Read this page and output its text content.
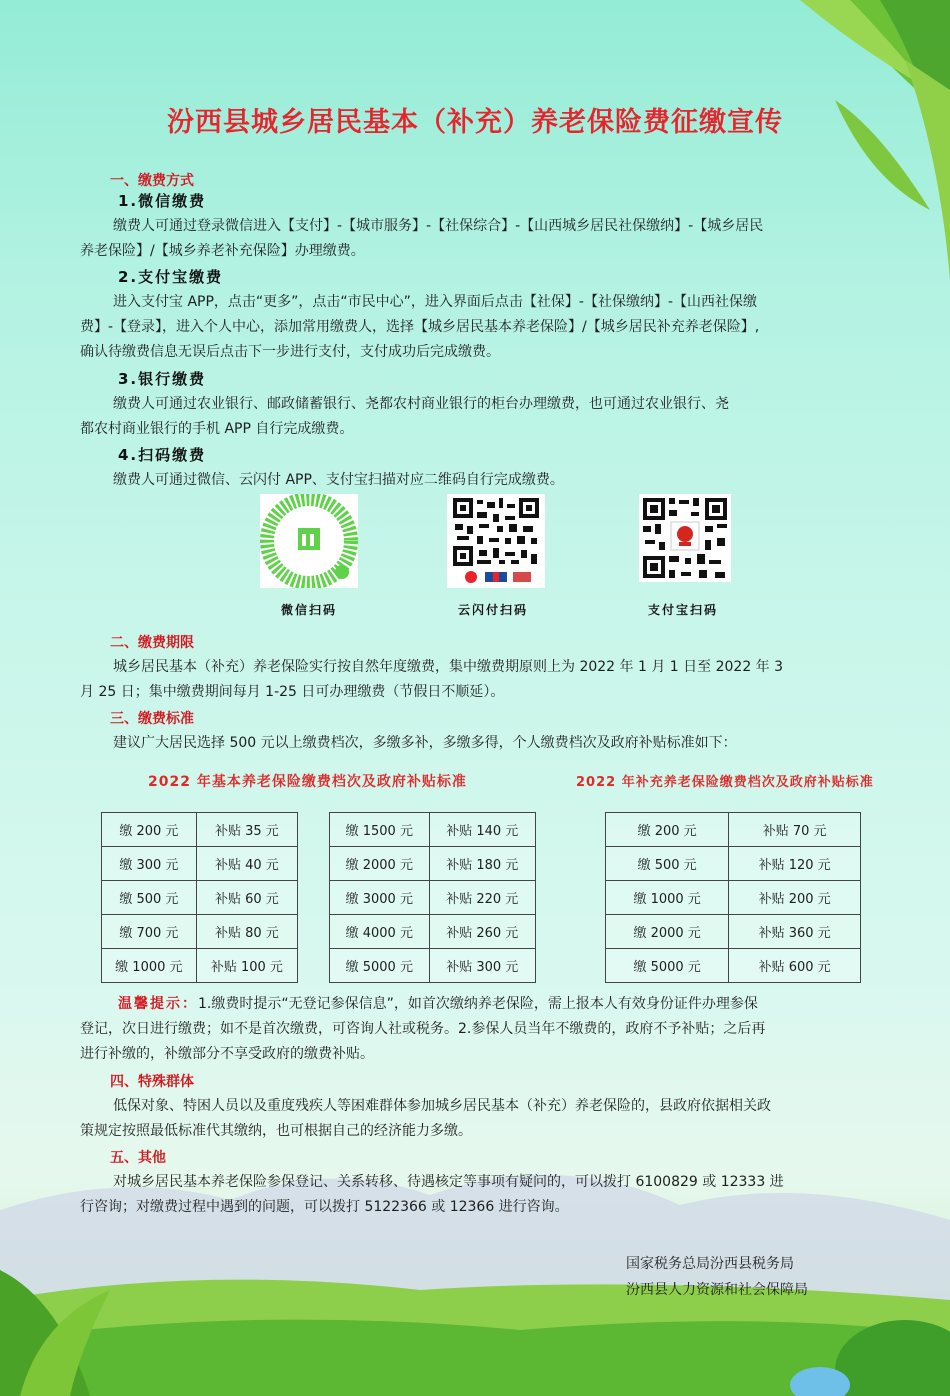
汾西县城乡居民基本（补充）养老保险费征缴宣传
一、缴费方式
1.微信缴费
缴费人可通过登录微信进入【支付】-【城市服务】-【社保综合】-【山西城乡居民社保缴纳】-【城乡居民
养老保险】/【城乡养老补充保险】办理缴费。
2.支付宝缴费
进入支付宝 APP，点击“更多”，点击“市民中心”，进入界面后点击【社保】-【社保缴纳】-【山西社保缴
费】-【登录】，进入个人中心，添加常用缴费人，选择【城乡居民基本养老保险】/【城乡居民补充养老保险】,
确认待缴费信息无误后点击下一步进行支付，支付成功后完成缴费。
3.银行缴费
缴费人可通过农业银行、邮政储蓄银行、尧都农村商业银行的柜台办理缴费，也可通过农业银行、尧
都农村商业银行的手机 APP 自行完成缴费。
4.扫码缴费
缴费人可通过微信、云闪付 APP、支付宝扫描对应二维码自行完成缴费。
微信扫码	云闪付扫码	支付宝扫码
二、缴费期限
城乡居民基本（补充）养老保险实行按自然年度缴费，集中缴费期原则上为 2022 年 1 月 1 日至 2022 年 3
月 25 日；集中缴费期间每月 1-25 日可办理缴费（节假日不顺延）。
三、缴费标准
建议广大居民选择 500 元以上缴费档次，多缴多补，多缴多得，个人缴费档次及政府补贴标准如下：
2022 年基本养老保险缴费档次及政府补贴标准	2022 年补充养老保险缴费档次及政府补贴标准
缴 200 元	补贴 35 元
缴 300 元	补贴 40 元
缴 500 元	补贴 60 元
缴 700 元	补贴 80 元
缴 1000 元	补贴 100 元
缴 1500 元	补贴 140 元
缴 2000 元	补贴 180 元
缴 3000 元	补贴 220 元
缴 4000 元	补贴 260 元
缴 5000 元	补贴 300 元
缴 200 元	补贴 70 元
缴 500 元	补贴 120 元
缴 1000 元	补贴 200 元
缴 2000 元	补贴 360 元
缴 5000 元	补贴 600 元
温馨提示：1.缴费时提示“无登记参保信息”，如首次缴纳养老保险，需上报本人有效身份证件办理参保
登记，次日进行缴费；如不是首次缴费，可咨询人社或税务。2.参保人员当年不缴费的，政府不予补贴；之后再
进行补缴的，补缴部分不享受政府的缴费补贴。
四、特殊群体
低保对象、特困人员以及重度残疾人等困难群体参加城乡居民基本（补充）养老保险的，县政府依据相关政
策规定按照最低标准代其缴纳，也可根据自己的经济能力多缴。
五、其他
对城乡居民基本养老保险参保登记、关系转移、待遇核定等事项有疑问的，可以拨打 6100829 或 12333 进
行咨询；对缴费过程中遇到的问题，可以拨打 5122366 或 12366 进行咨询。
国家税务总局汾西县税务局
汾西县人力资源和社会保障局
